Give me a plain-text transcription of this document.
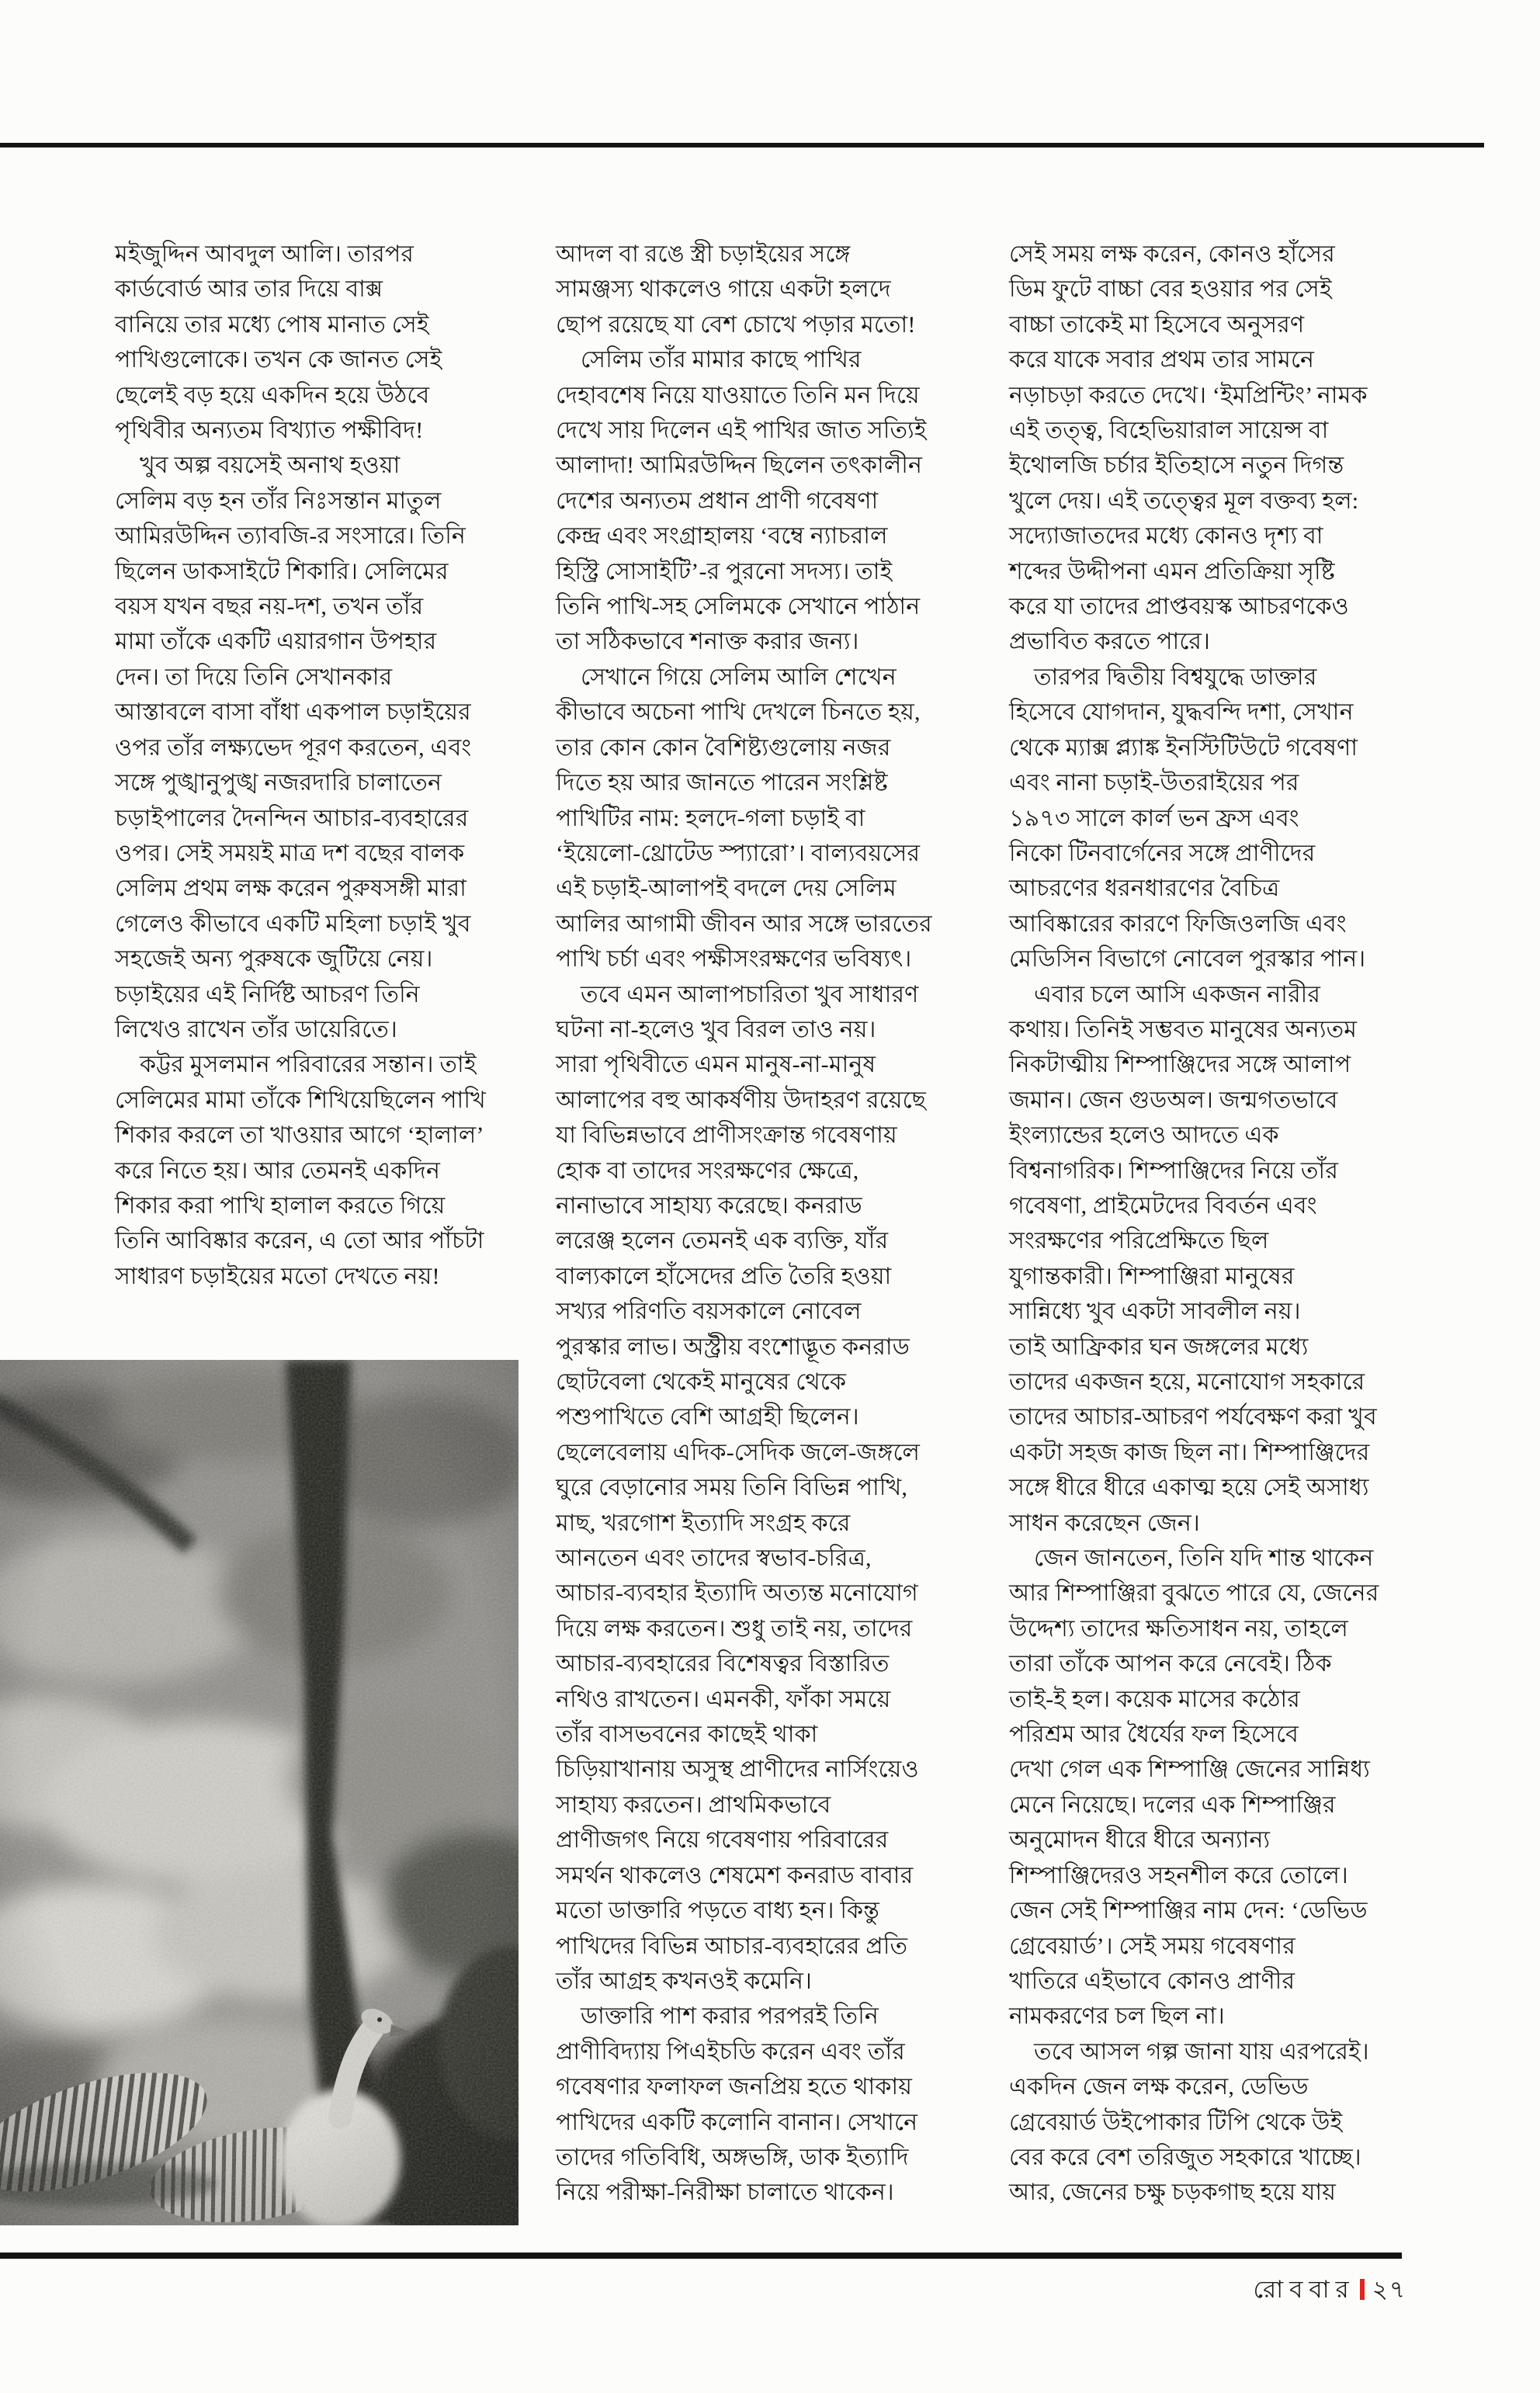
মইজুদ্দিন আবদুল আলি। তারপর
কার্ডবোর্ড আর তার দিয়ে বাক্স
বানিয়ে তার মধ্যে পোষ মানাত সেই
পাখিগুলোকে। তখন কে জানত সেই
ছেলেই বড় হয়ে একদিন হয়ে উঠবে
পৃথিবীর অন্যতম বিখ্যাত পক্ষীবিদ!
খুব অল্প বয়সেই অনাথ হওয়া
সেলিম বড় হন তাঁর নিঃসন্তান মাতুল
আমিরউদ্দিন ত্যাবজি-র সংসারে। তিনি
ছিলেন ডাকসাইটে শিকারি। সেলিমের
বয়স যখন বছর নয়-দশ, তখন তাঁর
মামা তাঁকে একটি এয়ারগান উপহার
দেন। তা দিয়ে তিনি সেখানকার
আস্তাবলে বাসা বাঁধা একপাল চড়াইয়ের
ওপর তাঁর লক্ষ্যভেদ পূরণ করতেন, এবং
সঙ্গে পুঙ্খানুপুঙ্খ নজরদারি চালাতেন
চড়াইপালের দৈনন্দিন আচার-ব্যবহারের
ওপর। সেই সময়ই মাত্র দশ বছের বালক
সেলিম প্রথম লক্ষ করেন পুরুষসঙ্গী মারা
গেলেও কীভাবে একটি মহিলা চড়াই খুব
সহজেই অন্য পুরুষকে জুটিয়ে নেয়।
চড়াইয়ের এই নির্দিষ্ট আচরণ তিনি
লিখেও রাখেন তাঁর ডায়েরিতে।
কট্টর মুসলমান পরিবারের সন্তান। তাই
সেলিমের মামা তাঁকে শিখিয়েছিলেন পাখি
শিকার করলে তা খাওয়ার আগে ‘হালাল’
করে নিতে হয়। আর তেমনই একদিন
শিকার করা পাখি হালাল করতে গিয়ে
তিনি আবিষ্কার করেন, এ তো আর পাঁচটা
সাধারণ চড়াইয়ের মতো দেখতে নয়!
আদল বা রঙে স্ত্রী চড়াইয়ের সঙ্গে
সামঞ্জস্য থাকলেও গায়ে একটা হলদে
ছোপ রয়েছে যা বেশ চোখে পড়ার মতো!
সেলিম তাঁর মামার কাছে পাখির
দেহাবশেষ নিয়ে যাওয়াতে তিনি মন দিয়ে
দেখে সায় দিলেন এই পাখির জাত সত্যিই
আলাদা! আমিরউদ্দিন ছিলেন তৎকালীন
দেশের অন্যতম প্রধান প্রাণী গবেষণা
কেন্দ্র এবং সংগ্রাহালয় ‘বম্বে ন্যাচরাল
হিস্ট্রি সোসাইটি’-র পুরনো সদস্য। তাই
তিনি পাখি-সহ সেলিমকে সেখানে পাঠান
তা সঠিকভাবে শনাক্ত করার জন্য।
সেখানে গিয়ে সেলিম আলি শেখেন
কীভাবে অচেনা পাখি দেখলে চিনতে হয়,
তার কোন কোন বৈশিষ্ট্যগুলোয় নজর
দিতে হয় আর জানতে পারেন সংশ্লিষ্ট
পাখিটির নাম: হলদে-গলা চড়াই বা
‘ইয়েলো-থ্রোটেড স্প্যারো’। বাল্যবয়সের
এই চড়াই-আলাপই বদলে দেয় সেলিম
আলির আগামী জীবন আর সঙ্গে ভারতের
পাখি চর্চা এবং পক্ষীসংরক্ষণের ভবিষ্যৎ।
তবে এমন আলাপচারিতা খুব সাধারণ
ঘটনা না-হলেও খুব বিরল তাও নয়।
সারা পৃথিবীতে এমন মানুষ-না-মানুষ
আলাপের বহু আকর্ষণীয় উদাহরণ রয়েছে
যা বিভিন্নভাবে প্রাণীসংক্রান্ত গবেষণায়
হোক বা তাদের সংরক্ষণের ক্ষেত্রে,
নানাভাবে সাহায্য করেছে। কনরাড
লরেঞ্জ হলেন তেমনই এক ব্যক্তি, যাঁর
বাল্যকালে হাঁসেদের প্রতি তৈরি হওয়া
সখ্যর পরিণতি বয়সকালে নোবেল
পুরস্কার লাভ। অস্ট্রীয় বংশোদ্ভূত কনরাড
ছোটবেলা থেকেই মানুষের থেকে
পশুপাখিতে বেশি আগ্রহী ছিলেন।
ছেলেবেলায় এদিক-সেদিক জলে-জঙ্গলে
ঘুরে বেড়ানোর সময় তিনি বিভিন্ন পাখি,
মাছ, খরগোশ ইত্যাদি সংগ্রহ করে
আনতেন এবং তাদের স্বভাব-চরিত্র,
আচার-ব্যবহার ইত্যাদি অত্যন্ত মনোযোগ
দিয়ে লক্ষ করতেন। শুধু তাই নয়, তাদের
আচার-ব্যবহারের বিশেষত্বর বিস্তারিত
নথিও রাখতেন। এমনকী, ফাঁকা সময়ে
তাঁর বাসভবনের কাছেই থাকা
চিড়িয়াখানায় অসুস্থ প্রাণীদের নার্সিংয়েও
সাহায্য করতেন। প্রাথমিকভাবে
প্রাণীজগৎ নিয়ে গবেষণায় পরিবারের
সমর্থন থাকলেও শেষমেশ কনরাড বাবার
মতো ডাক্তারি পড়তে বাধ্য হন। কিন্তু
পাখিদের বিভিন্ন আচার-ব্যবহারের প্রতি
তাঁর আগ্রহ কখনওই কমেনি।
ডাক্তারি পাশ করার পরপরই তিনি
প্রাণীবিদ্যায় পিএইচডি করেন এবং তাঁর
গবেষণার ফলাফল জনপ্রিয় হতে থাকায়
পাখিদের একটি কলোনি বানান। সেখানে
তাদের গতিবিধি, অঙ্গভঙ্গি, ডাক ইত্যাদি
নিয়ে পরীক্ষা-নিরীক্ষা চালাতে থাকেন।
সেই সময় লক্ষ করেন, কোনও হাঁসের
ডিম ফুটে বাচ্চা বের হওয়ার পর সেই
বাচ্চা তাকেই মা হিসেবে অনুসরণ
করে যাকে সবার প্রথম তার সামনে
নড়াচড়া করতে দেখে। ‘ইমপ্রিন্টিং’ নামক
এই তত্ত্ব, বিহেভিয়ারাল সায়েন্স বা
ইথোলজি চর্চার ইতিহাসে নতুন দিগন্ত
খুলে দেয়। এই তত্ত্বের মূল বক্তব্য হল:
সদ্যোজাতদের মধ্যে কোনও দৃশ্য বা
শব্দের উদ্দীপনা এমন প্রতিক্রিয়া সৃষ্টি
করে যা তাদের প্রাপ্তবয়স্ক আচরণকেও
প্রভাবিত করতে পারে।
তারপর দ্বিতীয় বিশ্বযুদ্ধে ডাক্তার
হিসেবে যোগদান, যুদ্ধবন্দি দশা, সেখান
থেকে ম্যাক্স প্ল্যাঙ্ক ইনস্টিটিউটে গবেষণা
এবং নানা চড়াই-উতরাইয়ের পর
১৯৭৩ সালে কার্ল ভন ফ্রস এবং
নিকো টিনবার্গেনের সঙ্গে প্রাণীদের
আচরণের ধরনধারণের বৈচিত্র
আবিষ্কারের কারণে ফিজিওলজি এবং
মেডিসিন বিভাগে নোবেল পুরস্কার পান।
এবার চলে আসি একজন নারীর
কথায়। তিনিই সম্ভবত মানুষের অন্যতম
নিকটাত্মীয় শিম্পাঞ্জিদের সঙ্গে আলাপ
জমান। জেন গুডঅল। জন্মগতভাবে
ইংল্যান্ডের হলেও আদতে এক
বিশ্বনাগরিক। শিম্পাঞ্জিদের নিয়ে তাঁর
গবেষণা, প্রাইমেটদের বিবর্তন এবং
সংরক্ষণের পরিপ্রেক্ষিতে ছিল
যুগান্তকারী। শিম্পাঞ্জিরা মানুষের
সান্নিধ্যে খুব একটা সাবলীল নয়।
তাই আফ্রিকার ঘন জঙ্গলের মধ্যে
তাদের একজন হয়ে, মনোযোগ সহকারে
তাদের আচার-আচরণ পর্যবেক্ষণ করা খুব
একটা সহজ কাজ ছিল না। শিম্পাঞ্জিদের
সঙ্গে ধীরে ধীরে একাত্ম হয়ে সেই অসাধ্য
সাধন করেছেন জেন।
জেন জানতেন, তিনি যদি শান্ত থাকেন
আর শিম্পাঞ্জিরা বুঝতে পারে যে, জেনের
উদ্দেশ্য তাদের ক্ষতিসাধন নয়, তাহলে
তারা তাঁকে আপন করে নেবেই। ঠিক
তাই-ই হল। কয়েক মাসের কঠোর
পরিশ্রম আর ধৈর্যের ফল হিসেবে
দেখা গেল এক শিম্পাঞ্জি জেনের সান্নিধ্য
মেনে নিয়েছে। দলের এক শিম্পাঞ্জির
অনুমোদন ধীরে ধীরে অন্যান্য
শিম্পাঞ্জিদেরও সহনশীল করে তোলে।
জেন সেই শিম্পাঞ্জির নাম দেন: ‘ডেভিড
গ্রেবেয়ার্ড’। সেই সময় গবেষণার
খাতিরে এইভাবে কোনও প্রাণীর
নামকরণের চল ছিল না।
তবে আসল গল্প জানা যায় এরপরেই।
একদিন জেন লক্ষ করেন, ডেভিড
গ্রেবেয়ার্ড উইপোকার টিপি থেকে উই
বের করে বেশ তরিজুত সহকারে খাচ্ছে।
আর, জেনের চক্ষু চড়কগাছ হয়ে যায়
রোববার ২৭
